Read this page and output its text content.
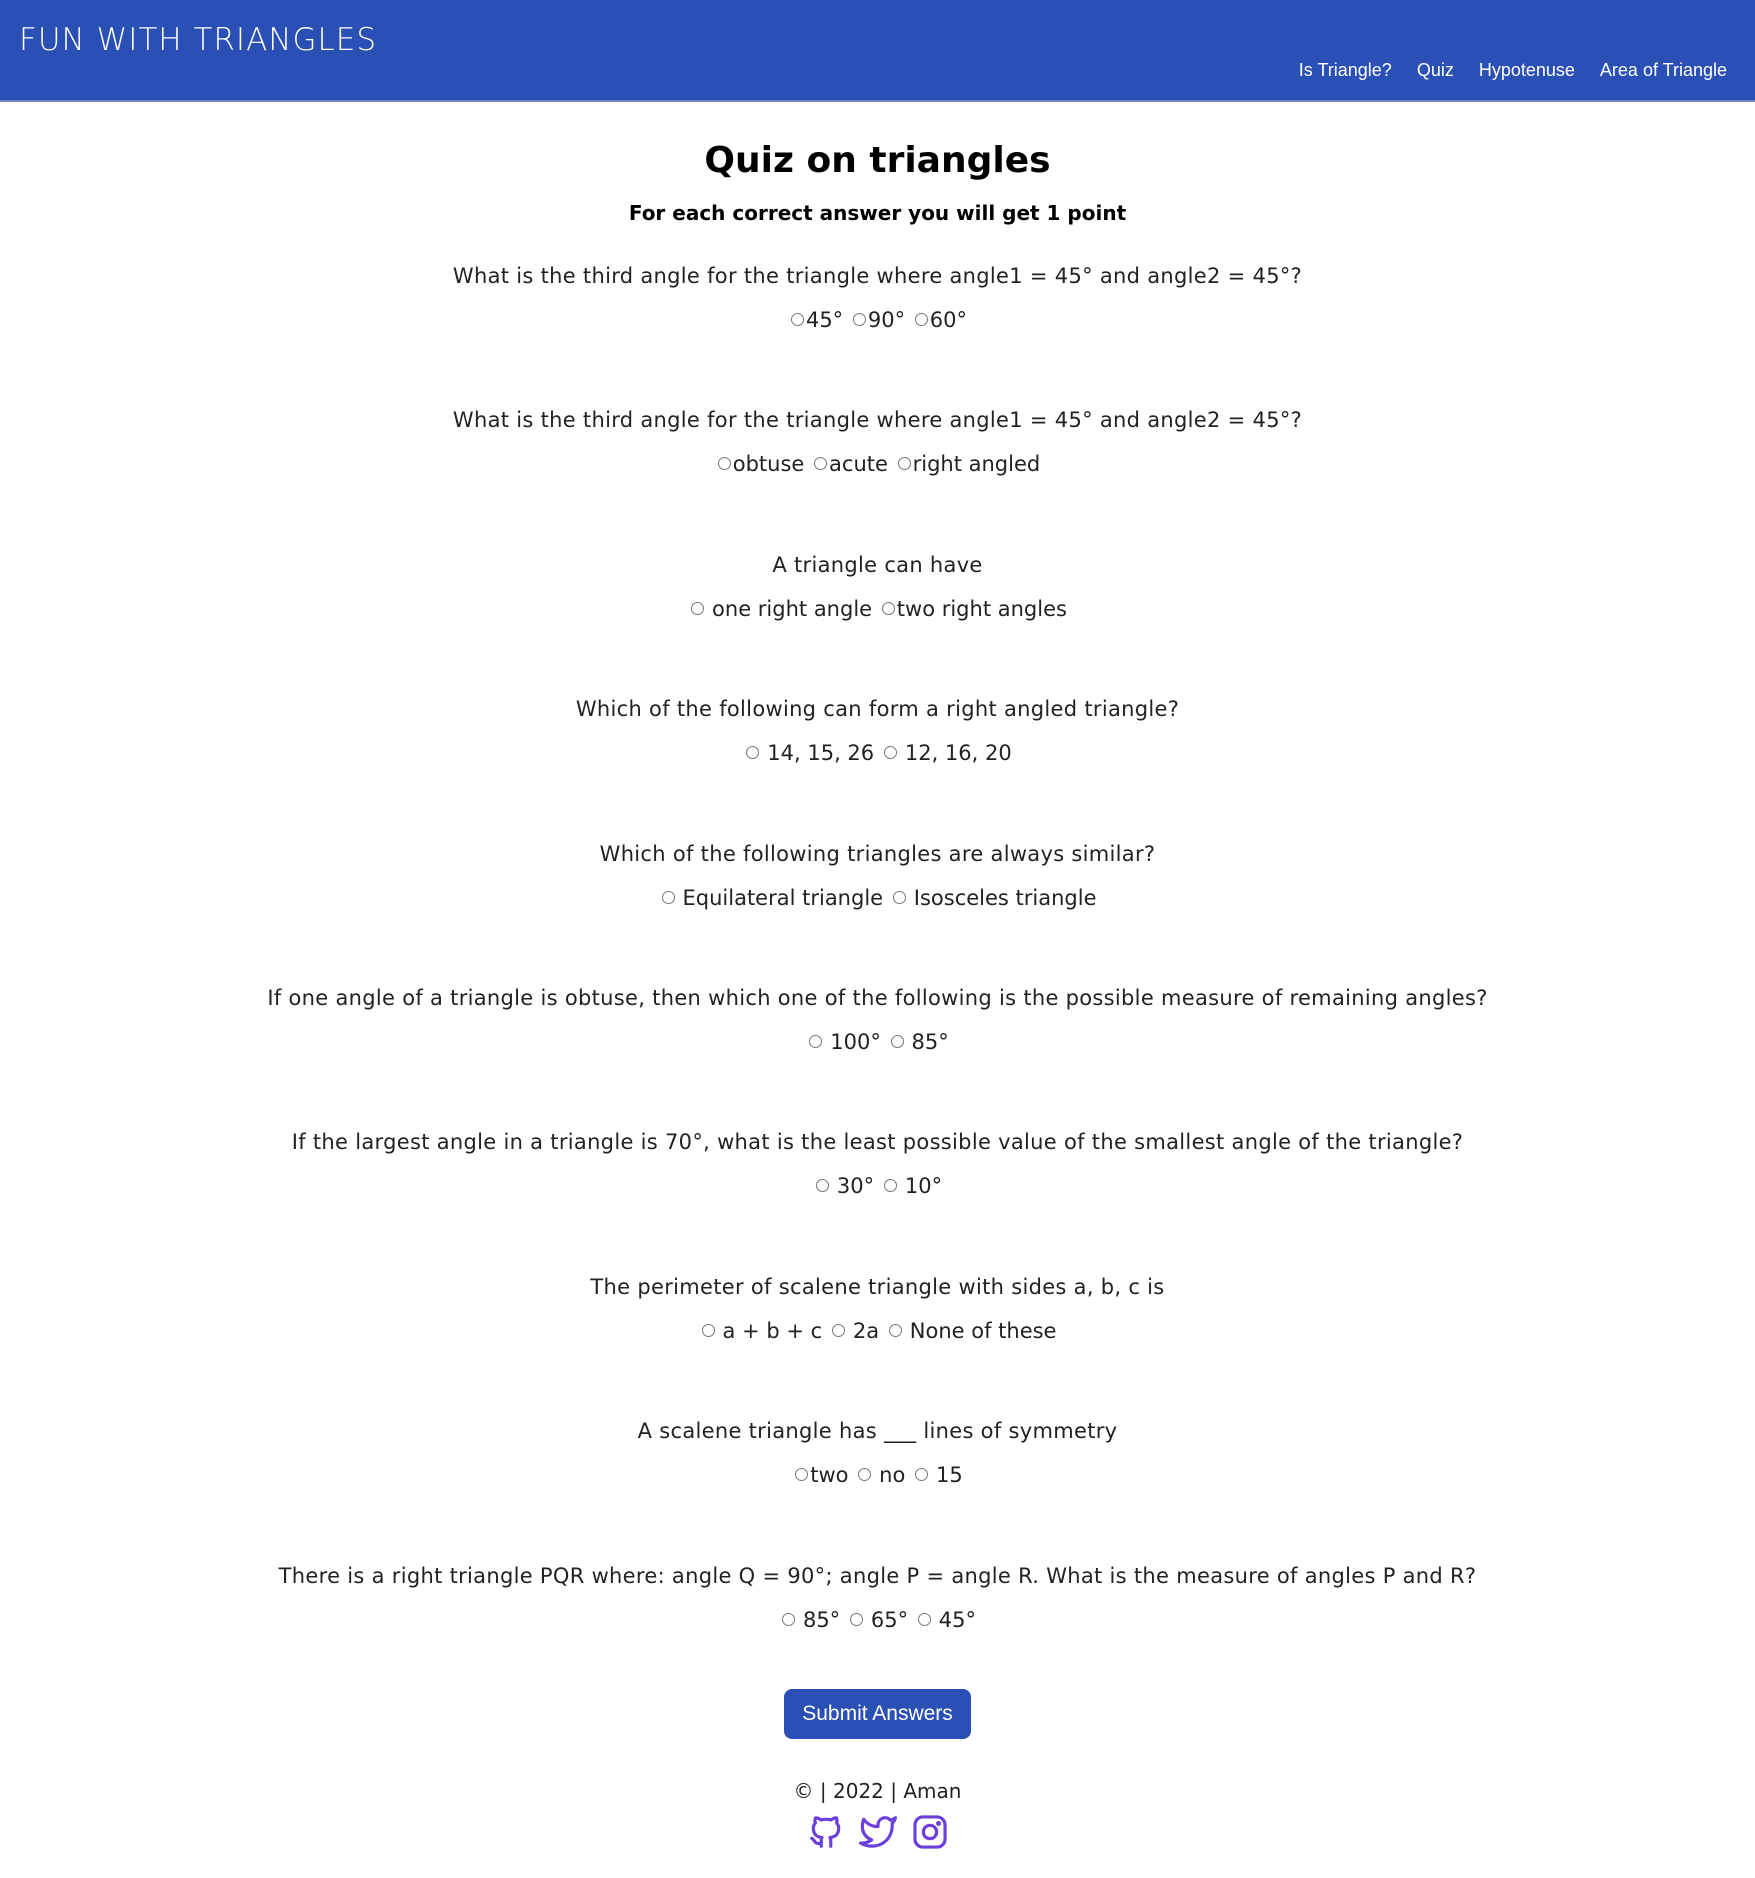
FUN WITH TRIANGLES
Is Triangle? Quiz Hypotenuse Area of Triangle
Quiz on triangles
For each correct answer you will get 1 point

What is the third angle for the triangle where angle1 = 45° and angle2 = 45°?

45° 90° 60°

What is the third angle for the triangle where angle1 = 45° and angle2 = 45°?

obtuse acute right angled

A triangle can have

one right angle two right angles

Which of the following can form a right angled triangle?

14, 15, 26 12, 16, 20

Which of the following triangles are always similar?

Equilateral triangle Isosceles triangle

If one angle of a triangle is obtuse, then which one of the following is the possible measure of remaining angles?

100° 85°

If the largest angle in a triangle is 70°, what is the least possible value of the smallest angle of the triangle?

30° 10°

The perimeter of scalene triangle with sides a, b, c is

a + b + c 2a None of these

A scalene triangle has ___ lines of symmetry

two no 15

There is a right triangle PQR where: angle Q = 90°; angle P = angle R. What is the measure of angles P and R?

85° 65° 45°
Submit Answers

© | 2022 | Aman
